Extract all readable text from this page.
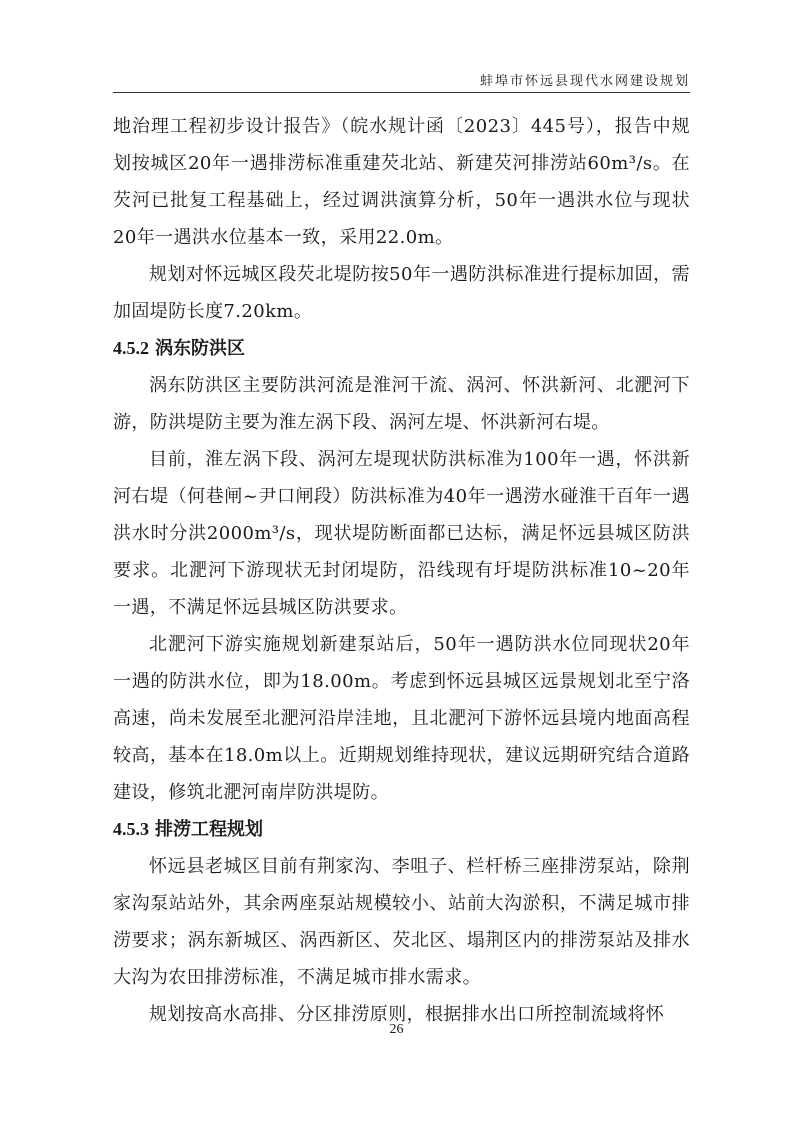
蚌埠市怀远县现代水网建设规划

地治理工程初步设计报告》（皖水规计函〔2023〕445号），报告中规划按城区20年一遇排涝标准重建芡北站、新建芡河排涝站60m³/s。在芡河已批复工程基础上，经过调洪演算分析，50年一遇洪水位与现状20年一遇洪水位基本一致，采用22.0m。

规划对怀远城区段芡北堤防按50年一遇防洪标准进行提标加固，需加固堤防长度7.20km。

4.5.2 涡东防洪区

涡东防洪区主要防洪河流是淮河干流、涡河、怀洪新河、北淝河下游，防洪堤防主要为淮左涡下段、涡河左堤、怀洪新河右堤。

目前，淮左涡下段、涡河左堤现状防洪标准为100年一遇，怀洪新河右堤（何巷闸~尹口闸段）防洪标准为40年一遇涝水碰淮干百年一遇洪水时分洪2000m³/s，现状堤防断面都已达标，满足怀远县城区防洪要求。北淝河下游现状无封闭堤防，沿线现有圩堤防洪标准10~20年一遇，不满足怀远县城区防洪要求。

北淝河下游实施规划新建泵站后，50年一遇防洪水位同现状20年一遇的防洪水位，即为18.00m。考虑到怀远县城区远景规划北至宁洛高速，尚未发展至北淝河沿岸洼地，且北淝河下游怀远县境内地面高程较高，基本在18.0m以上。近期规划维持现状，建议远期研究结合道路建设，修筑北淝河南岸防洪堤防。

4.5.3 排涝工程规划

怀远县老城区目前有荆家沟、李咀子、栏杆桥三座排涝泵站，除荆家沟泵站站外，其余两座泵站规模较小、站前大沟淤积，不满足城市排涝要求；涡东新城区、涡西新区、芡北区、塌荆区内的排涝泵站及排水大沟为农田排涝标准，不满足城市排水需求。

规划按高水高排、分区排涝原则，根据排水出口所控制流域将怀

26
